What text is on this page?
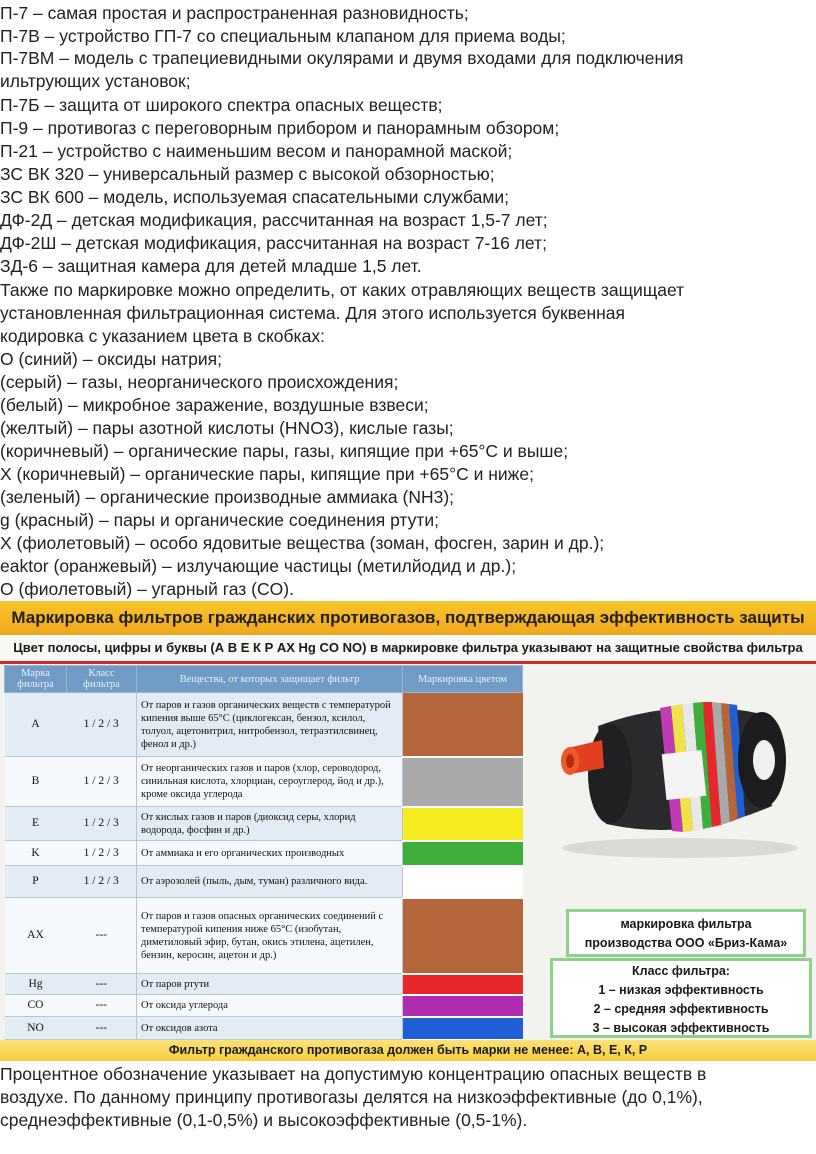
П-7 – самая простая и распространенная разновидность;
П-7В – устройство ГП-7 со специальным клапаном для приема воды;
П-7ВМ – модель с трапециевидными окулярами и двумя входами для подключения
ильтрующих установок;
П-7Б – защита от широкого спектра опасных веществ;
П-9 – противогаз с переговорным прибором и панорамным обзором;
П-21 – устройство с наименьшим весом и панорамной маской;
ЗС ВК 320 – универсальный размер с высокой обзорностью;
ЗС ВК 600 – модель, используемая спасательными службами;
ДФ-2Д – детская модификация, рассчитанная на возраст 1,5-7 лет;
ДФ-2Ш – детская модификация, рассчитанная на возраст 7-16 лет;
ЗД-6 – защитная камера для детей младше 1,5 лет.
Также по маркировке можно определить, от каких отравляющих веществ защищает
установленная фильтрационная система. Для этого используется буквенная
кодировка с указанием цвета в скобках:
O (синий) – оксиды натрия;
(серый) – газы, неорганического происхождения;
(белый) – микробное заражение, воздушные взвеси;
(желтый) – пары азотной кислоты (HNO3), кислые газы;
(коричневый) – органические пары, газы, кипящие при +65°C и выше;
X (коричневый) – органические пары, кипящие при +65°C и ниже;
(зеленый) – органические производные аммиака (NH3);
g (красный) – пары и органические соединения ртути;
X (фиолетовый) – особо ядовитые вещества (зоман, фосген, зарин и др.);
eaktor (оранжевый) – излучающие частицы (метилйодид и др.);
O (фиолетовый) – угарный газ (CO).
Маркировка фильтров гражданских противогазов, подтверждающая эффективность защиты
Цвет полосы, цифры и буквы (А В Е К Р АХ Hg CO NO) в маркировке фильтра указывают на защитные свойства фильтра
Марка фильтра	Класс фильтра	Вещества, от которых защищает фильтр	Маркировка цветом
A	1 / 2 / 3	От паров и газов органических веществ с температурой кипения выше 65°С (циклогексан, бензол, ксилол, толуол, ацетонитрил, нитробензол, тетраэтилсвинец, фенол и др.)	
B	1 / 2 / 3	От неорганических газов и паров (хлор, сероводород, синильная кислота, хлорциан, сероуглерод, йод и др.), кроме оксида углерода	
E	1 / 2 / 3	От кислых газов и паров (диоксид серы, хлорид водорода, фосфин и др.)	
K	1 / 2 / 3	От аммиака и его органических производных	
P	1 / 2 / 3	От аэрозолей (пыль, дым, туман) различного вида.	
AX	---	От паров и газов опасных органических соединений с температурой кипения ниже 65°С (изобутан, диметиловый эфир, бутан, окись этилена, ацетилен, бензин, керосин, ацетон и др.)	
Hg	---	От паров ртути	
CO	---	От оксида углерода	
NO	---	От оксидов азота	
маркировка фильтра
производства ООО «Бриз-Кама»
Класс фильтра:
1 – низкая эффективность
2 – средняя эффективность
3 – высокая эффективность
Фильтр гражданского противогаза должен быть марки не менее: А, В, Е, К, Р
Процентное обозначение указывает на допустимую концентрацию опасных веществ в
воздухе. По данному принципу противогазы делятся на низкоэффективные (до 0,1%),
среднеэффективные (0,1-0,5%) и высокоэффективные (0,5-1%).
